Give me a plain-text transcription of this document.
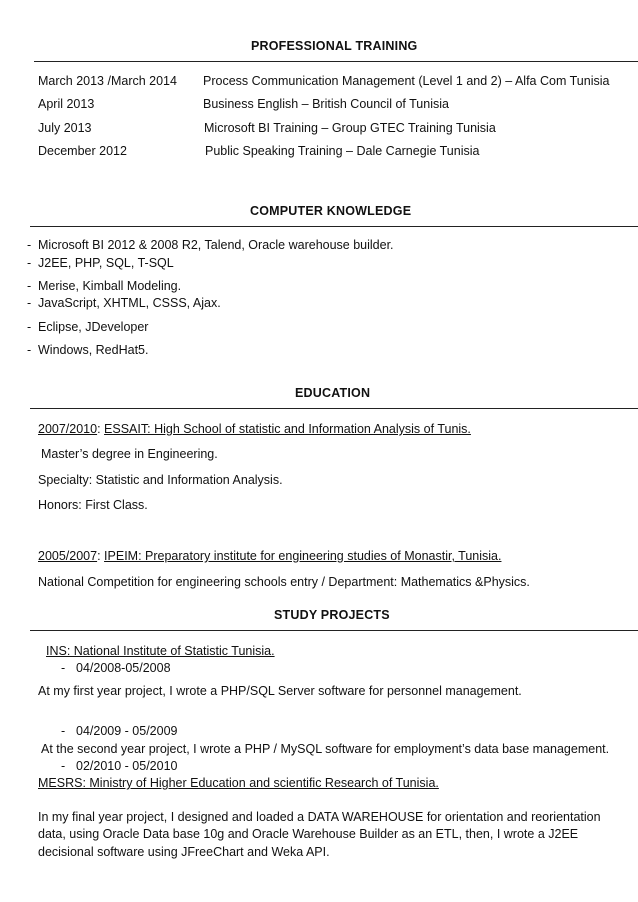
PROFESSIONAL TRAINING
March 2013 /March 2014 Process Communication Management (Level 1 and 2) – Alfa Com Tunisia
April 2013	Business English – British Council of Tunisia
July 2013	Microsoft BI Training – Group GTEC Training Tunisia
December 2012	Public Speaking Training – Dale Carnegie Tunisia
COMPUTER KNOWLEDGE
- Microsoft BI 2012 & 2008 R2, Talend, Oracle warehouse builder.
- J2EE, PHP, SQL, T-SQL
- Merise, Kimball Modeling.
- JavaScript, XHTML, CSSS, Ajax.
- Eclipse, JDeveloper
- Windows, RedHat5.
EDUCATION
2007/2010: ESSAIT: High School of statistic and Information Analysis of Tunis.
Master’s degree in Engineering.
Specialty: Statistic and Information Analysis.
Honors: First Class.
2005/2007: IPEIM: Preparatory institute for engineering studies of Monastir, Tunisia.
National Competition for engineering schools entry / Department: Mathematics &Physics.
STUDY PROJECTS
INS: National Institute of Statistic Tunisia.
- 04/2008-05/2008
At my first year project, I wrote a PHP/SQL Server software for personnel management.
- 04/2009 - 05/2009
At the second year project, I wrote a PHP / MySQL software for employment’s data base management.
- 02/2010 - 05/2010
MESRS: Ministry of Higher Education and scientific Research of Tunisia.
In my final year project, I designed and loaded a DATA WAREHOUSE for orientation and reorientation
data, using Oracle Data base 10g and Oracle Warehouse Builder as an ETL, then, I wrote a J2EE
decisional software using JFreeChart and Weka API.
